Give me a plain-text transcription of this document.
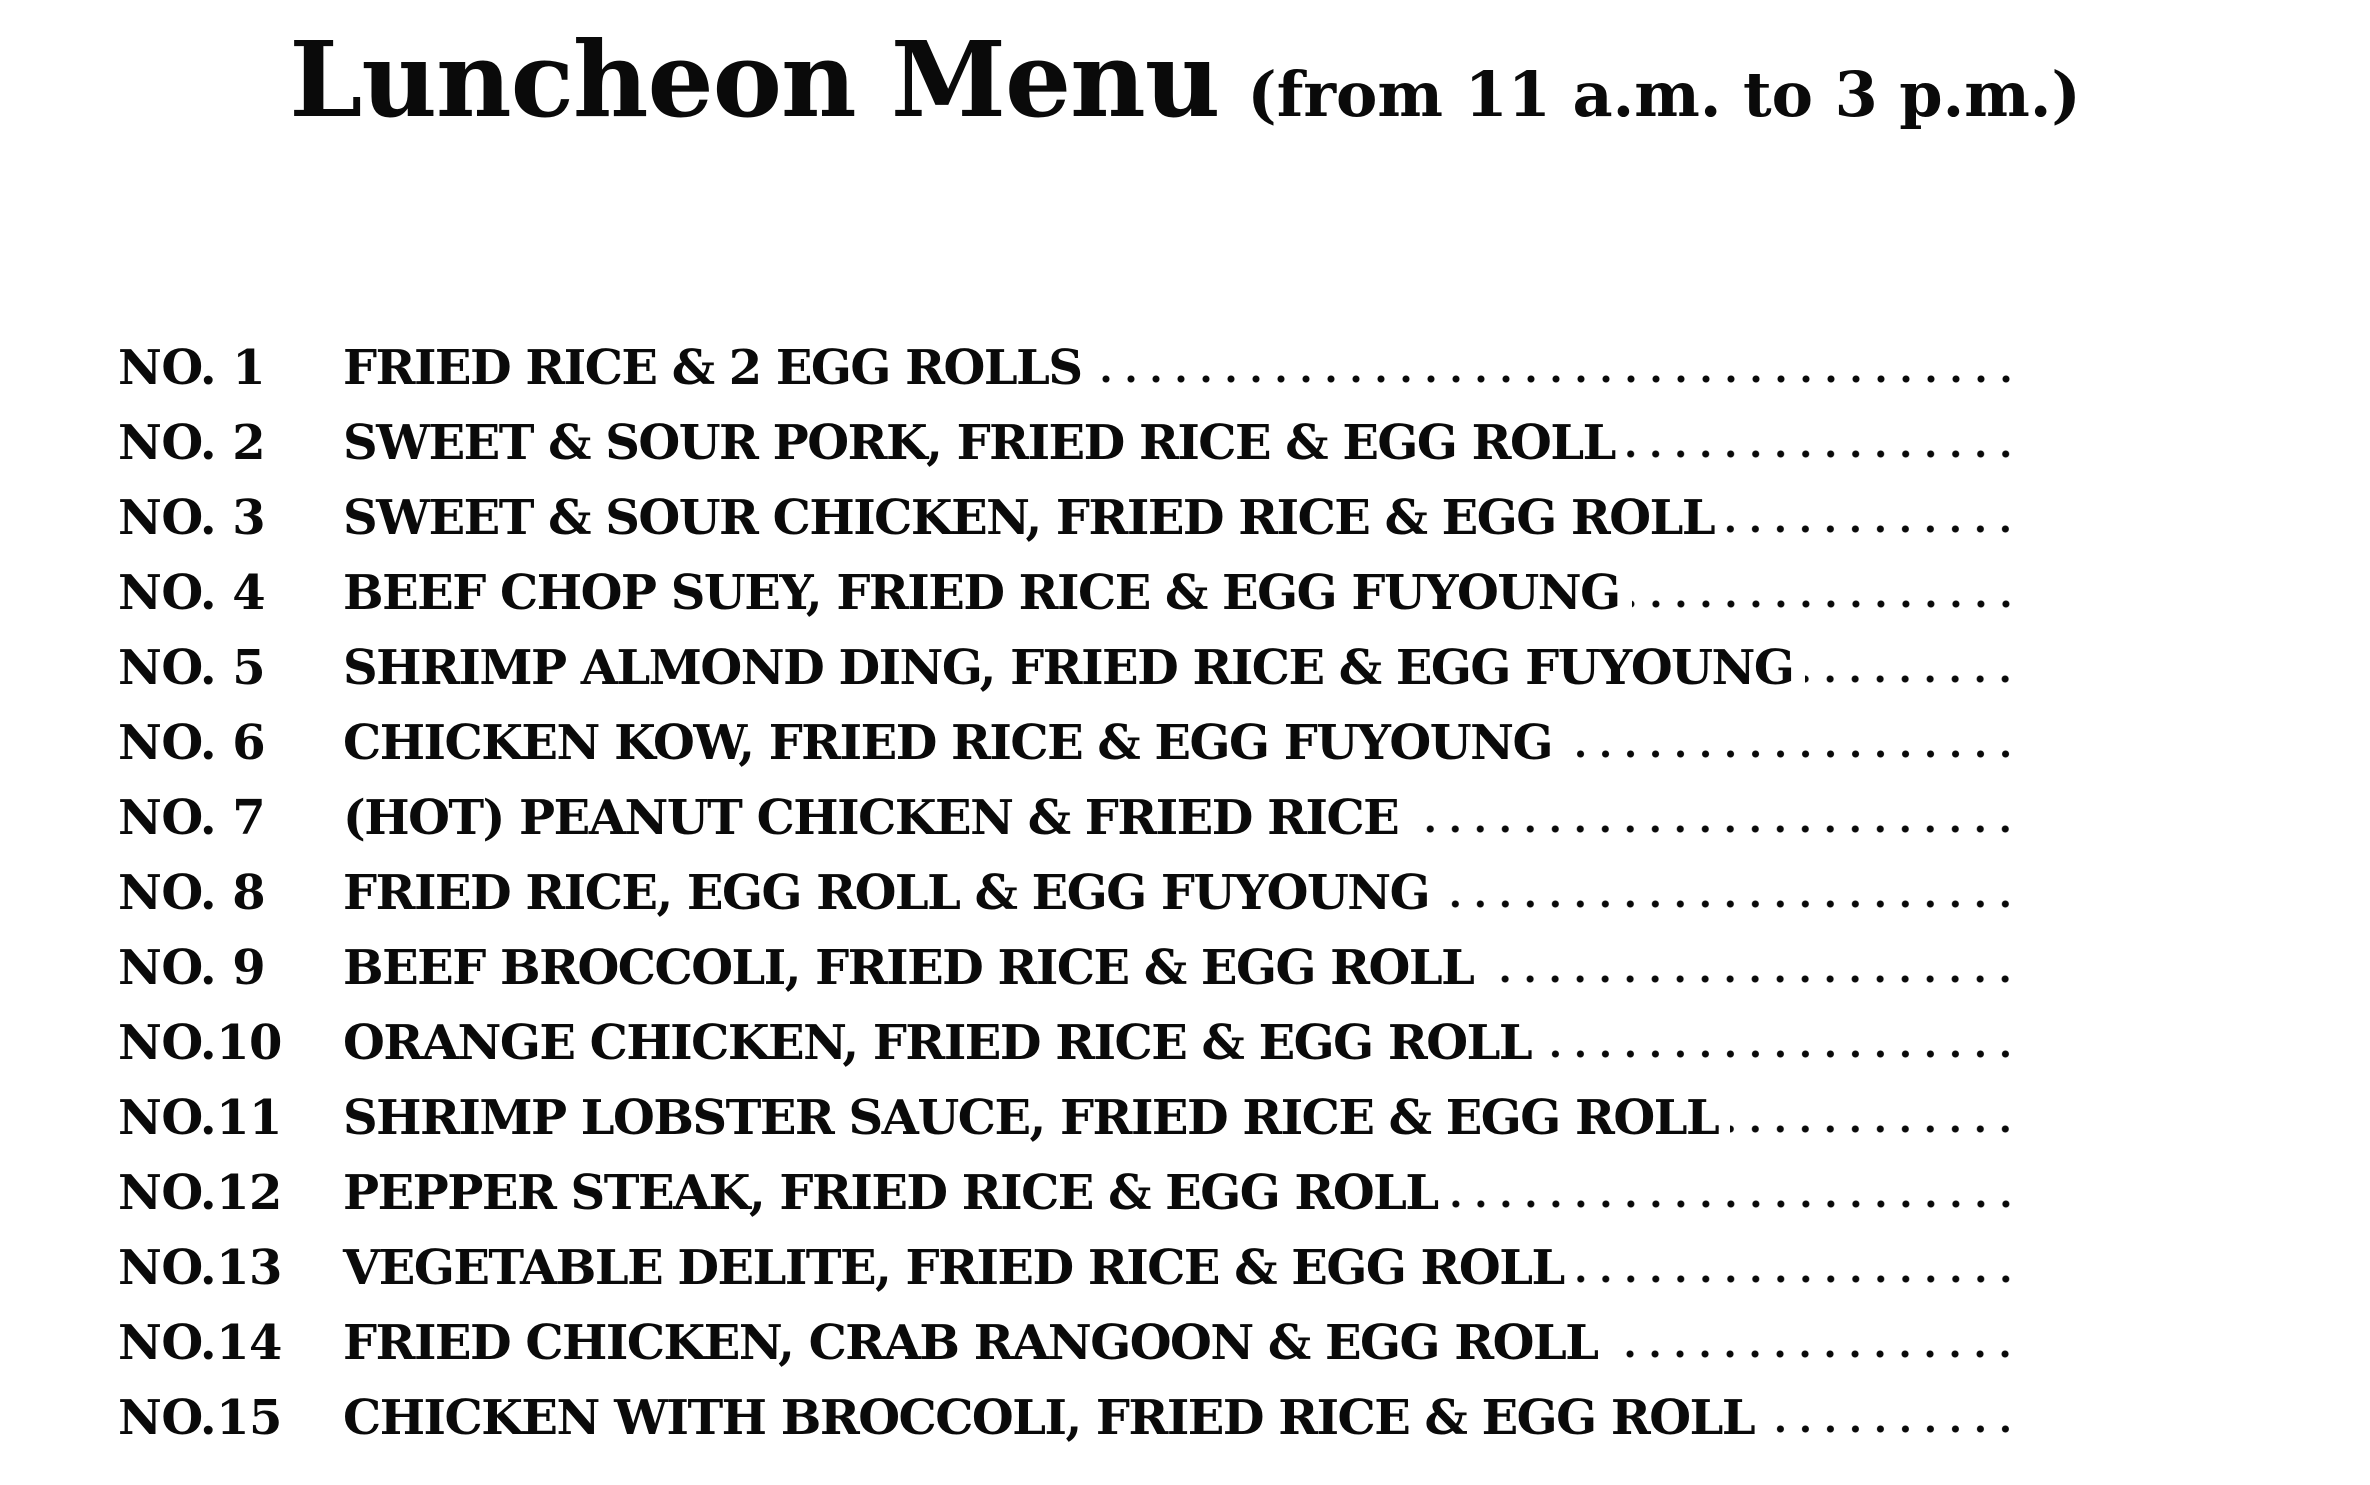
Luncheon Menu (from 11 a.m. to 3 p.m.)
NO. 1	FRIED RICE & 2 EGG ROLLS
NO. 2	SWEET & SOUR PORK, FRIED RICE & EGG ROLL
NO. 3	SWEET & SOUR CHICKEN, FRIED RICE & EGG ROLL
NO. 4	BEEF CHOP SUEY, FRIED RICE & EGG FUYOUNG
NO. 5	SHRIMP ALMOND DING, FRIED RICE & EGG FUYOUNG
NO. 6	CHICKEN KOW, FRIED RICE & EGG FUYOUNG
NO. 7	(HOT) PEANUT CHICKEN & FRIED RICE
NO. 8	FRIED RICE, EGG ROLL & EGG FUYOUNG
NO. 9	BEEF BROCCOLI, FRIED RICE & EGG ROLL
NO.10	ORANGE CHICKEN, FRIED RICE & EGG ROLL
NO.11	SHRIMP LOBSTER SAUCE, FRIED RICE & EGG ROLL
NO.12	PEPPER STEAK, FRIED RICE & EGG ROLL
NO.13	VEGETABLE DELITE, FRIED RICE & EGG ROLL
NO.14	FRIED CHICKEN, CRAB RANGOON & EGG ROLL
NO.15	CHICKEN WITH BROCCOLI, FRIED RICE & EGG ROLL
